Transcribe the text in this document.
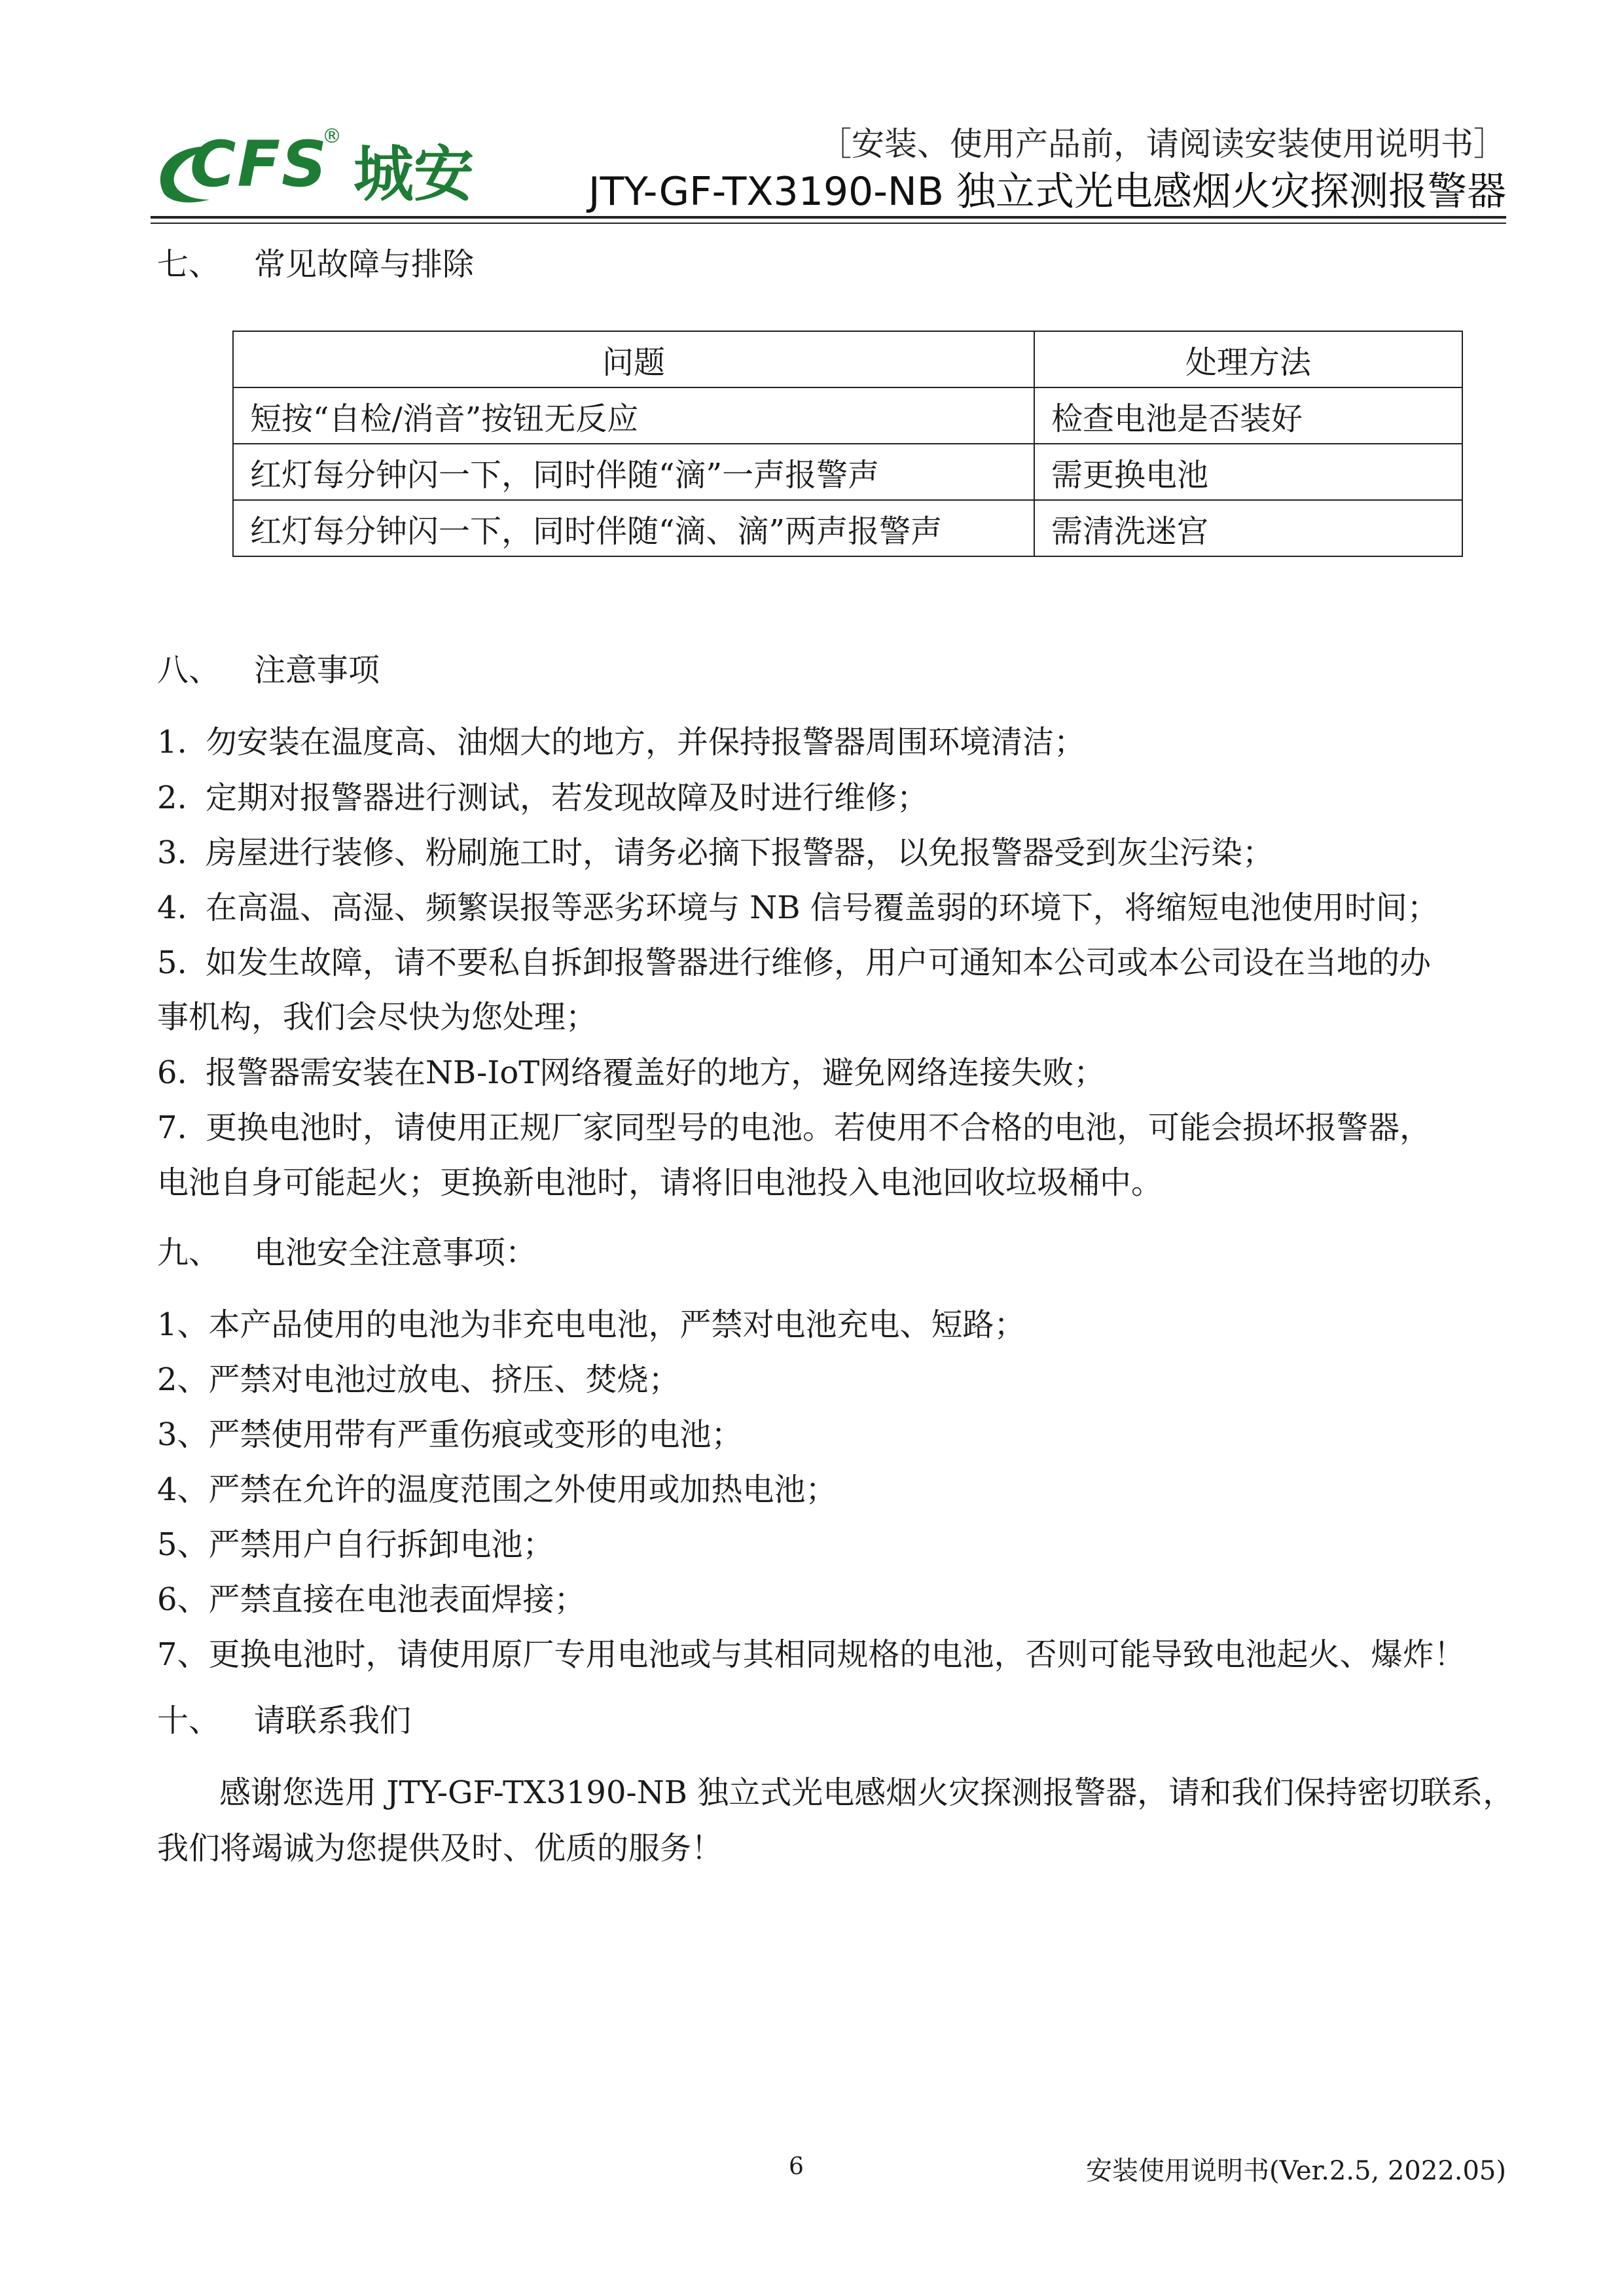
CFS
®
城安	［安装、使用产品前，请阅读安装使用说明书］
JTY-GF-TX3190-NB 独立式光电感烟火灾探测报警器
七、 常见故障与排除
问题	处理方法
短按“自检/消音”按钮无反应	检查电池是否装好
红灯每分钟闪一下，同时伴随“滴”一声报警声	需更换电池
红灯每分钟闪一下，同时伴随“滴、滴”两声报警声	需清洗迷宫
八、 注意事项
1. 勿安装在温度高、油烟大的地方，并保持报警器周围环境清洁；
2. 定期对报警器进行测试，若发现故障及时进行维修；
3. 房屋进行装修、粉刷施工时，请务必摘下报警器，以免报警器受到灰尘污染；
4. 在高温、高湿、频繁误报等恶劣环境与 NB 信号覆盖弱的环境下，将缩短电池使用时间；
5. 如发生故障，请不要私自拆卸报警器进行维修，用户可通知本公司或本公司设在当地的办
事机构，我们会尽快为您处理；
6. 报警器需安装在NB-IoT网络覆盖好的地方，避免网络连接失败；
7. 更换电池时，请使用正规厂家同型号的电池。若使用不合格的电池，可能会损坏报警器，
电池自身可能起火；更换新电池时，请将旧电池投入电池回收垃圾桶中。
九、 电池安全注意事项：
1、本产品使用的电池为非充电电池，严禁对电池充电、短路；
2、严禁对电池过放电、挤压、焚烧；
3、严禁使用带有严重伤痕或变形的电池；
4、严禁在允许的温度范围之外使用或加热电池；
5、严禁用户自行拆卸电池；
6、严禁直接在电池表面焊接；
7、更换电池时，请使用原厂专用电池或与其相同规格的电池，否则可能导致电池起火、爆炸！
十、 请联系我们
感谢您选用 JTY-GF-TX3190-NB 独立式光电感烟火灾探测报警器，请和我们保持密切联系，
我们将竭诚为您提供及时、优质的服务！
6	安装使用说明书(Ver.2.5, 2022.05)
